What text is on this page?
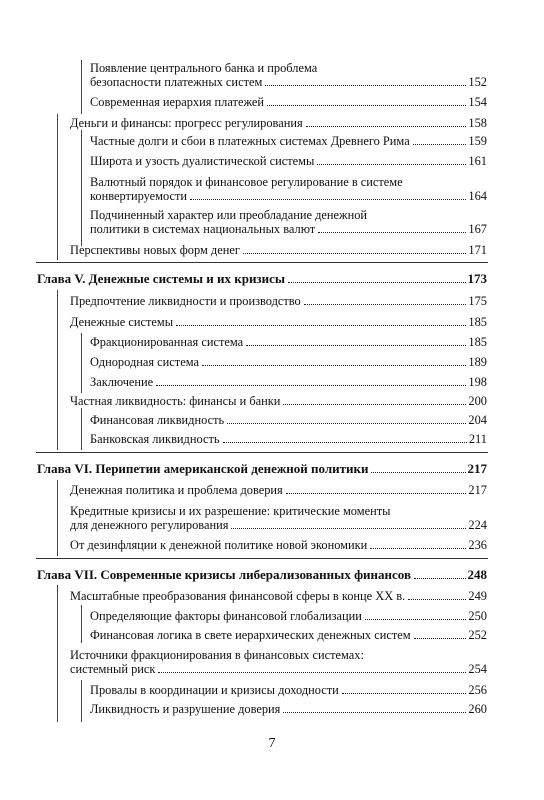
Появление центрального банка и проблема
безопасности платежных систем	152
Современная иерархия платежей	154
Деньги и финансы: прогресс регулирования	158
Частные долги и сбои в платежных системах Древнего Рима	159
Широта и узость дуалистической системы	161
Валютный порядок и финансовое регулирование в системе
конвертируемости	164
Подчиненный характер или преобладание денежной
политики в системах национальных валют	167
Перспективы новых форм денег	171
Глава V. Денежные системы и их кризисы	173
Предпочтение ликвидности и производство	175
Денежные системы	185
Фракционированная система	185
Однородная система	189
Заключение	198
Частная ликвидность: финансы и банки	200
Финансовая ликвидность	204
Банковская ликвидность	211
Глава VI. Перипетии американской денежной политики	217
Денежная политика и проблема доверия	217
Кредитные кризисы и их разрешение: критические моменты
для денежного регулирования	224
От дезинфляции к денежной политике новой экономики	236
Глава VII. Современные кризисы либерализованных финансов	248
Масштабные преобразования финансовой сферы в конце XX в.	249
Определяющие факторы финансовой глобализации	250
Финансовая логика в свете иерархических денежных систем	252
Источники фракционирования в финансовых системах:
системный риск	254
Провалы в координации и кризисы доходности	256
Ликвидность и разрушение доверия	260
7
